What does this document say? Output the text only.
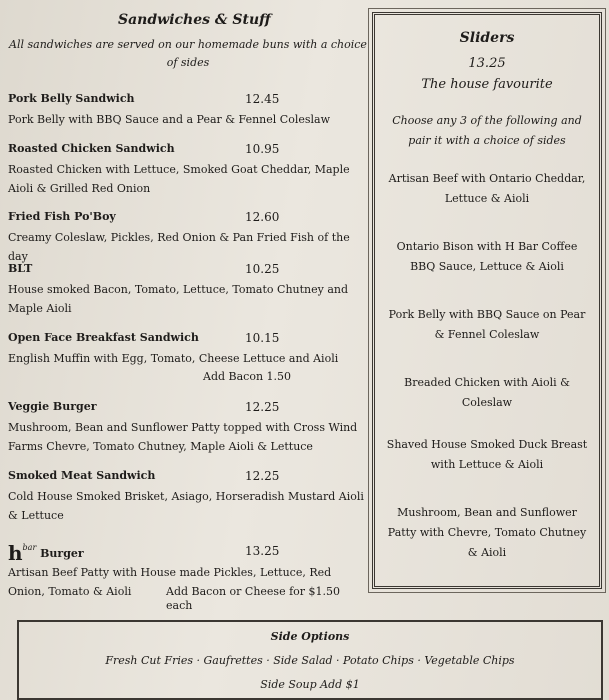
Sandwiches & Stuff
All sandwiches are served on our homemade buns with a choice of sides
Pork Belly Sandwich	12.45
Pork Belly with BBQ Sauce and a Pear & Fennel Coleslaw
Roasted Chicken Sandwich	10.95
Roasted Chicken with Lettuce, Smoked Goat Cheddar, Maple Aioli & Grilled Red Onion
Fried Fish Po'Boy	12.60
Creamy Coleslaw, Pickles, Red Onion & Pan Fried Fish of the day
BLT	10.25
House smoked Bacon, Tomato, Lettuce, Tomato Chutney and Maple Aioli
Open Face Breakfast Sandwich	10.15
English Muffin with Egg, Tomato, Cheese Lettuce and Aioli
Add Bacon 1.50
Veggie Burger	12.25
Mushroom, Bean and Sunflower Patty topped with Cross Wind Farms Chevre, Tomato Chutney, Maple Aioli & Lettuce
Smoked Meat Sandwich	12.25
Cold House Smoked Brisket, Asiago, Horseradish Mustard Aioli & Lettuce
$h^{bar}$ Burger	13.25
Artisan Beef Patty with House made Pickles, Lettuce, Red Onion, Tomato & Aioli	Add Bacon or Cheese for $1.50 each
Sliders
13.25
The house favourite
Choose any 3 of the following and pair it with a choice of sides
Artisan Beef with Ontario Cheddar, Lettuce & Aioli
Ontario Bison with H Bar Coffee BBQ Sauce, Lettuce & Aioli
Pork Belly with BBQ Sauce on Pear & Fennel Coleslaw
Breaded Chicken with Aioli & Coleslaw
Shaved House Smoked Duck Breast with Lettuce & Aioli
Mushroom, Bean and Sunflower Patty with Chevre, Tomato Chutney & Aioli
Side Options
Fresh Cut Fries · Gaufrettes · Side Salad · Potato Chips · Vegetable Chips
Side Soup Add $1
